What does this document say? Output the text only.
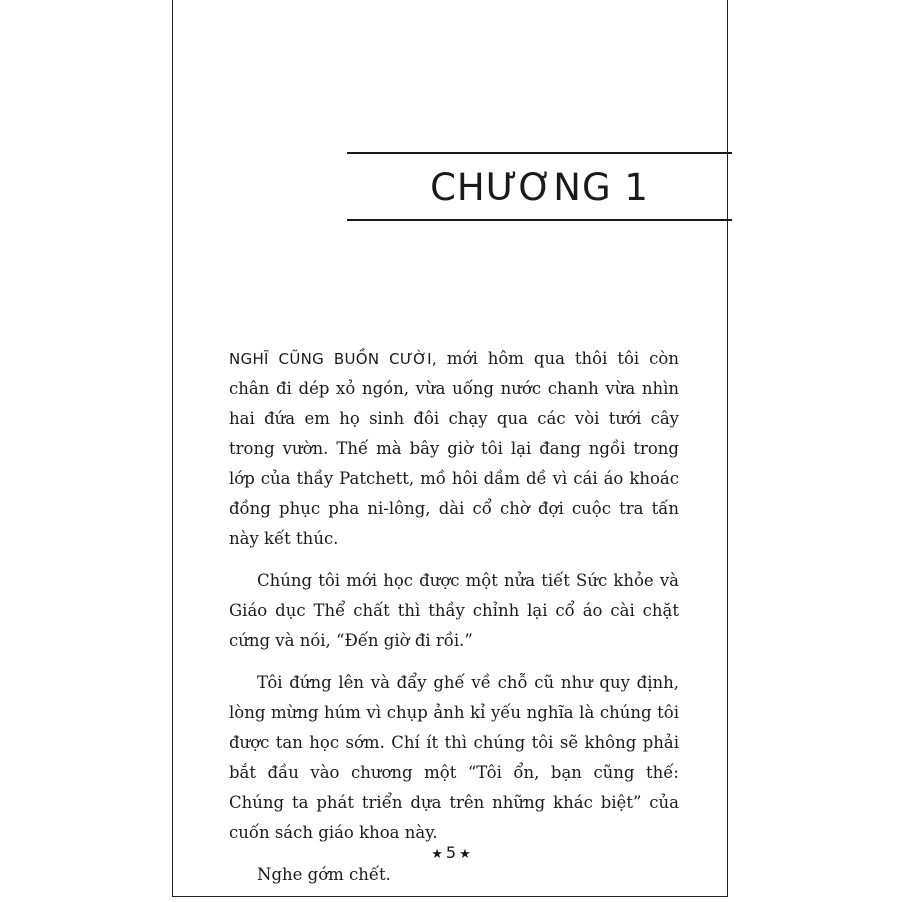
CHƯƠNG 1

NGHĨ CŨNG BUỒN CƯỜI, mới hôm qua thôi tôi còn chân đi dép xỏ ngón, vừa uống nước chanh vừa nhìn hai đứa em họ sinh đôi chạy qua các vòi tưới cây trong vườn. Thế mà bây giờ tôi lại đang ngồi trong lớp của thầy Patchett, mồ hôi dầm dề vì cái áo khoác đồng phục pha ni-lông, dài cổ chờ đợi cuộc tra tấn này kết thúc.

Chúng tôi mới học được một nửa tiết Sức khỏe và Giáo dục Thể chất thì thầy chỉnh lại cổ áo cài chặt cứng và nói, “Đến giờ đi rồi.”

Tôi đứng lên và đẩy ghế về chỗ cũ như quy định, lòng mừng húm vì chụp ảnh kỉ yếu nghĩa là chúng tôi được tan học sớm. Chí ít thì chúng tôi sẽ không phải bắt đầu vào chương một “Tôi ổn, bạn cũng thế: Chúng ta phát triển dựa trên những khác biệt” của cuốn sách giáo khoa này.

Nghe gớm chết.

★ 5 ★
